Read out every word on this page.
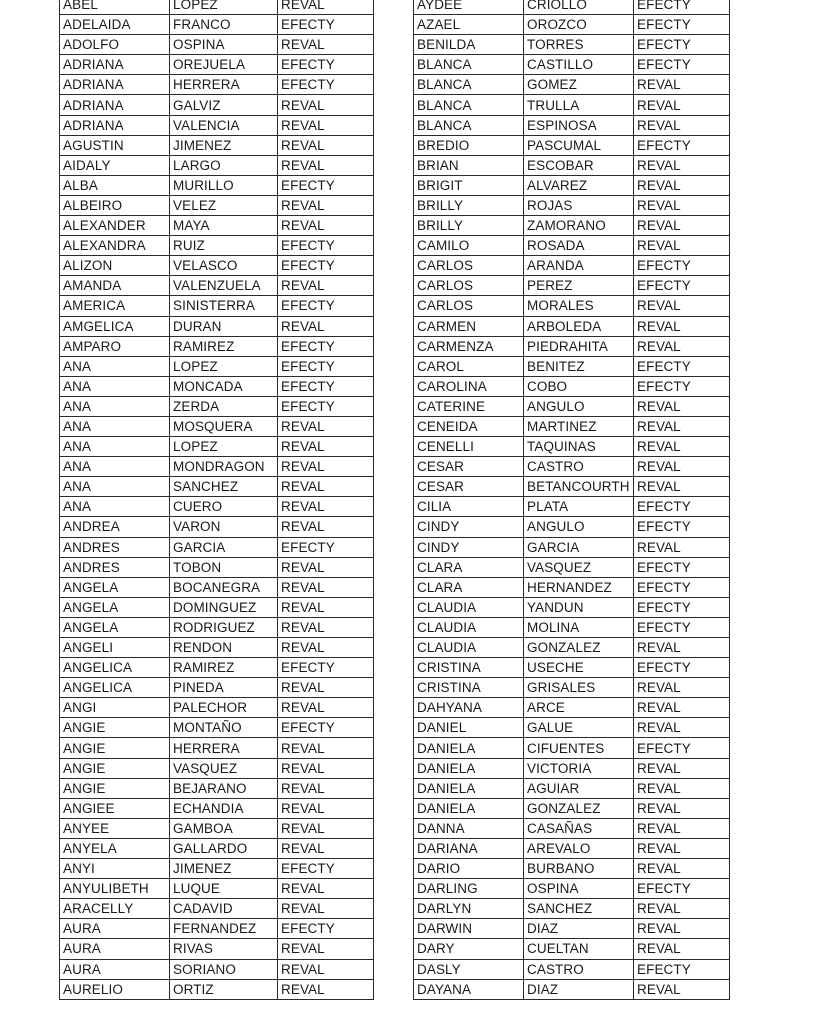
ABEL	LOPEZ	REVAL
ADELAIDA	FRANCO	EFECTY
ADOLFO	OSPINA	REVAL
ADRIANA	OREJUELA	EFECTY
ADRIANA	HERRERA	EFECTY
ADRIANA	GALVIZ	REVAL
ADRIANA	VALENCIA	REVAL
AGUSTIN	JIMENEZ	REVAL
AIDALY	LARGO	REVAL
ALBA	MURILLO	EFECTY
ALBEIRO	VELEZ	REVAL
ALEXANDER	MAYA	REVAL
ALEXANDRA	RUIZ	EFECTY
ALIZON	VELASCO	EFECTY
AMANDA	VALENZUELA	REVAL
AMERICA	SINISTERRA	EFECTY
AMGELICA	DURAN	REVAL
AMPARO	RAMIREZ	EFECTY
ANA	LOPEZ	EFECTY
ANA	MONCADA	EFECTY
ANA	ZERDA	EFECTY
ANA	MOSQUERA	REVAL
ANA	LOPEZ	REVAL
ANA	MONDRAGON	REVAL
ANA	SANCHEZ	REVAL
ANA	CUERO	REVAL
ANDREA	VARON	REVAL
ANDRES	GARCIA	EFECTY
ANDRES	TOBON	REVAL
ANGELA	BOCANEGRA	REVAL
ANGELA	DOMINGUEZ	REVAL
ANGELA	RODRIGUEZ	REVAL
ANGELI	RENDON	REVAL
ANGELICA	RAMIREZ	EFECTY
ANGELICA	PINEDA	REVAL
ANGI	PALECHOR	REVAL
ANGIE	MONTAÑO	EFECTY
ANGIE	HERRERA	REVAL
ANGIE	VASQUEZ	REVAL
ANGIE	BEJARANO	REVAL
ANGIEE	ECHANDIA	REVAL
ANYEE	GAMBOA	REVAL
ANYELA	GALLARDO	REVAL
ANYI	JIMENEZ	EFECTY
ANYULIBETH	LUQUE	REVAL
ARACELLY	CADAVID	REVAL
AURA	FERNANDEZ	EFECTY
AURA	RIVAS	REVAL
AURA	SORIANO	REVAL
AURELIO	ORTIZ	REVAL
AYDEE	CRIOLLO	EFECTY
AZAEL	OROZCO	EFECTY
BENILDA	TORRES	EFECTY
BLANCA	CASTILLO	EFECTY
BLANCA	GOMEZ	REVAL
BLANCA	TRULLA	REVAL
BLANCA	ESPINOSA	REVAL
BREDIO	PASCUMAL	EFECTY
BRIAN	ESCOBAR	REVAL
BRIGIT	ALVAREZ	REVAL
BRILLY	ROJAS	REVAL
BRILLY	ZAMORANO	REVAL
CAMILO	ROSADA	REVAL
CARLOS	ARANDA	EFECTY
CARLOS	PEREZ	EFECTY
CARLOS	MORALES	REVAL
CARMEN	ARBOLEDA	REVAL
CARMENZA	PIEDRAHITA	REVAL
CAROL	BENITEZ	EFECTY
CAROLINA	COBO	EFECTY
CATERINE	ANGULO	REVAL
CENEIDA	MARTINEZ	REVAL
CENELLI	TAQUINAS	REVAL
CESAR	CASTRO	REVAL
CESAR	BETANCOURTH	REVAL
CILIA	PLATA	EFECTY
CINDY	ANGULO	EFECTY
CINDY	GARCIA	REVAL
CLARA	VASQUEZ	EFECTY
CLARA	HERNANDEZ	EFECTY
CLAUDIA	YANDUN	EFECTY
CLAUDIA	MOLINA	EFECTY
CLAUDIA	GONZALEZ	REVAL
CRISTINA	USECHE	EFECTY
CRISTINA	GRISALES	REVAL
DAHYANA	ARCE	REVAL
DANIEL	GALUE	REVAL
DANIELA	CIFUENTES	EFECTY
DANIELA	VICTORIA	REVAL
DANIELA	AGUIAR	REVAL
DANIELA	GONZALEZ	REVAL
DANNA	CASAÑAS	REVAL
DARIANA	AREVALO	REVAL
DARIO	BURBANO	REVAL
DARLING	OSPINA	EFECTY
DARLYN	SANCHEZ	REVAL
DARWIN	DIAZ	REVAL
DARY	CUELTAN	REVAL
DASLY	CASTRO	EFECTY
DAYANA	DIAZ	REVAL
